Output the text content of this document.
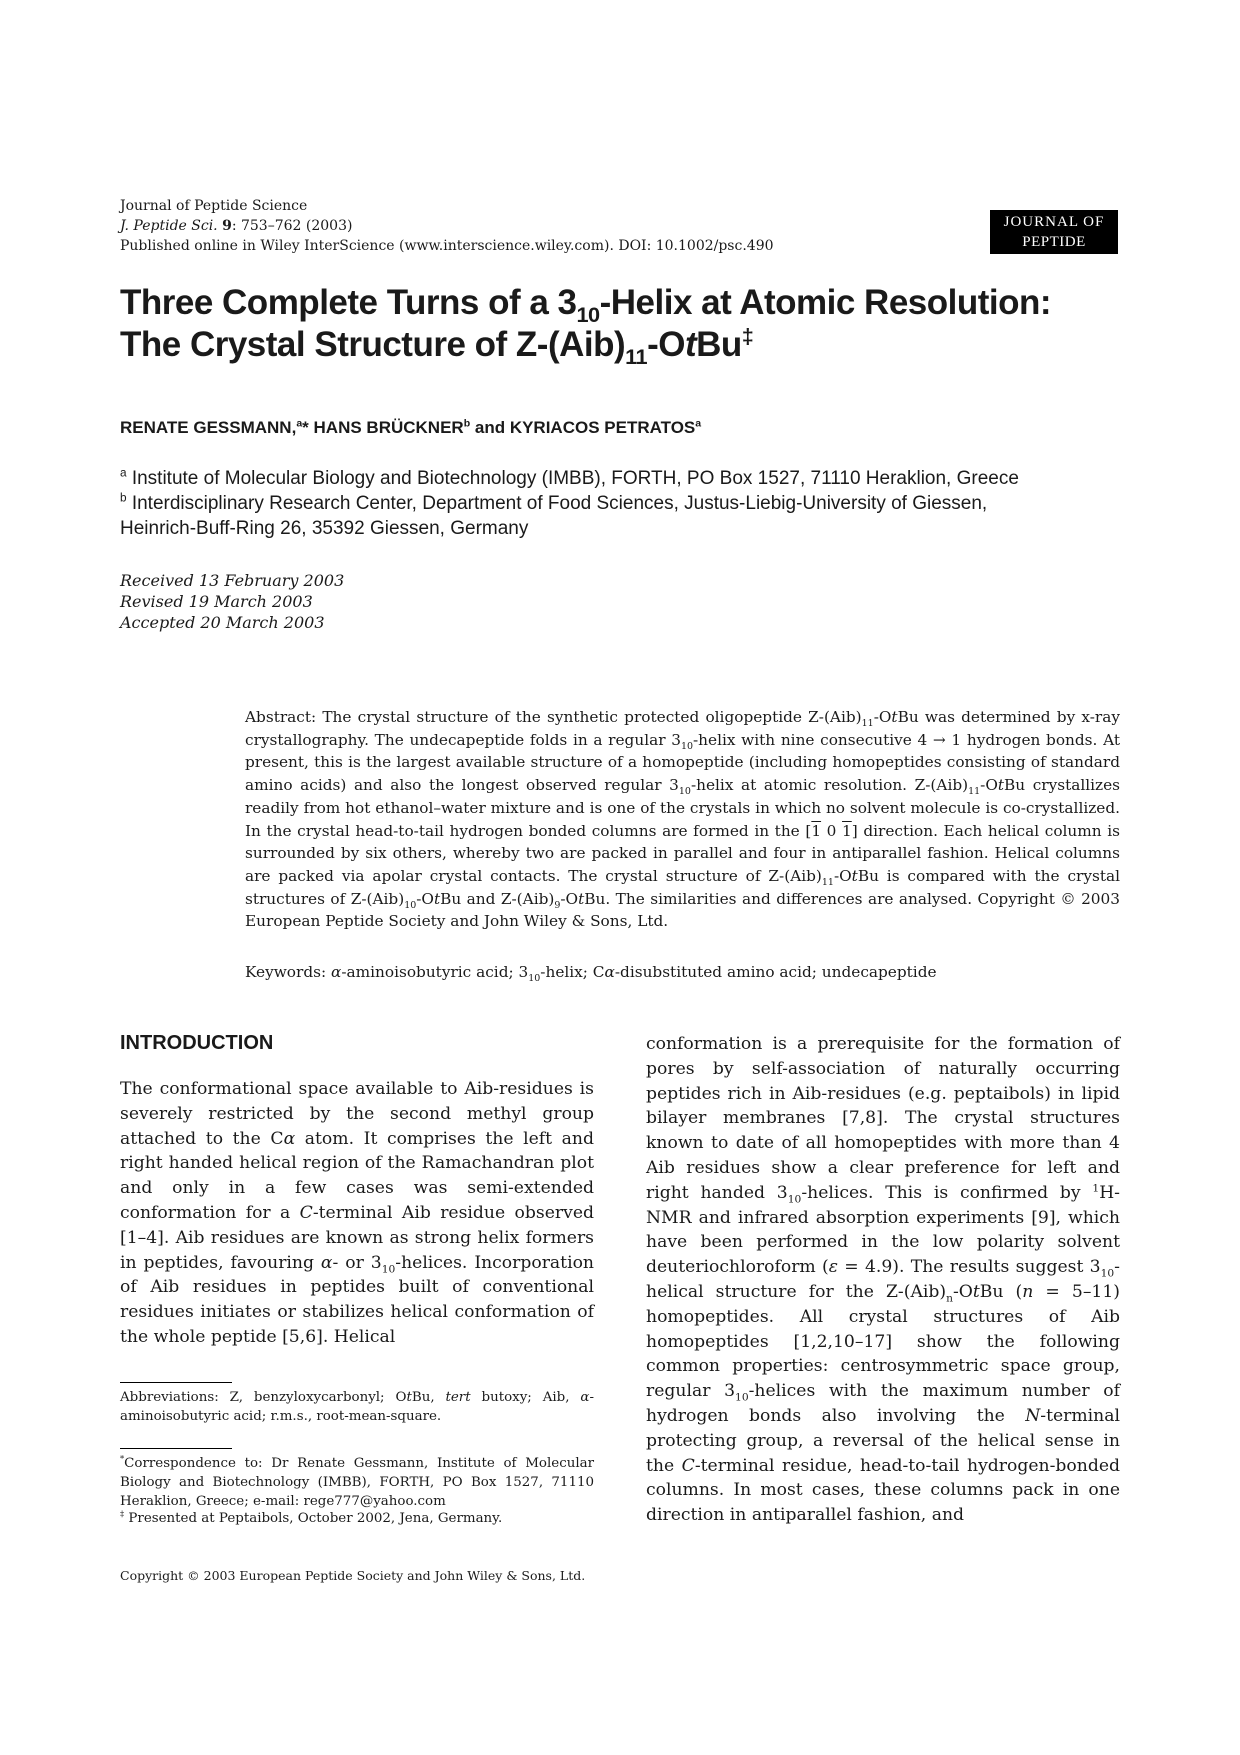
Journal of Peptide Science
J. Peptide Sci. 9: 753–762 (2003)
Published online in Wiley InterScience (www.interscience.wiley.com). DOI: 10.1002/psc.490
JOURNAL OF
PEPTIDE SCIENCE
Three Complete Turns of a $3_{10}$-Helix at Atomic Resolution:
The Crystal Structure of $Z-(Aib)_{11}-OtBu^\ddagger$
RENATE GESSMANN,$^a$* HANS BRÜCKNER$^b$ and KYRIACOS PETRATOS$^a$
$^a$ Institute of Molecular Biology and Biotechnology (IMBB), FORTH, PO Box 1527, 71110 Heraklion, Greece
$^b$ Interdisciplinary Research Center, Department of Food Sciences, Justus-Liebig-University of Giessen,
Heinrich-Buff-Ring 26, 35392 Giessen, Germany
Received 13 February 2003
Revised 19 March 2003
Accepted 20 March 2003
Abstract: The crystal structure of the synthetic protected oligopeptide $Z-(Aib)_{11}$-OtBu was determined by x-ray crystallography. The undecapeptide folds in a regular $3_{10}$-helix with nine consecutive 4 → 1 hydrogen bonds. At present, this is the largest available structure of a homopeptide (including homopeptides consisting of standard amino acids) and also the longest observed regular $3_{10}$-helix at atomic resolution. $Z-(Aib)_{11}$-OtBu crystallizes readily from hot ethanol–water mixture and is one of the crystals in which no solvent molecule is co-crystallized. In the crystal head-to-tail hydrogen bonded columns are formed in the [1 0 1] direction. Each helical column is surrounded by six others, whereby two are packed in parallel and four in antiparallel fashion. Helical columns are packed via apolar crystal contacts. The crystal structure of $Z-(Aib)_{11}$-OtBu is compared with the crystal structures of $Z-(Aib)_{10}$-OtBu and $Z-(Aib)_9$-OtBu. The similarities and differences are analysed. Copyright © 2003 European Peptide Society and John Wiley & Sons, Ltd.
Keywords: α-aminoisobutyric acid; $3_{10}$-helix; Cα-disubstituted amino acid; undecapeptide
INTRODUCTION

The conformational space available to Aib-residues is severely restricted by the second methyl group attached to the Cα atom. It comprises the left and right handed helical region of the Ramachandran plot and only in a few cases was semi-extended conformation for a C-terminal Aib residue observed [1–4]. Aib residues are known as strong helix formers in peptides, favouring α- or $3_{10}$-helices. Incorporation of Aib residues in peptides built of conventional residues initiates or stabilizes helical conformation of the whole peptide [5,6]. Helical

Abbreviations: Z, benzyloxycarbonyl; OtBu, tert butoxy; Aib, α-aminoisobutyric acid; r.m.s., root-mean-square.
*Correspondence to: Dr Renate Gessmann, Institute of Molecular Biology and Biotechnology (IMBB), FORTH, PO Box 1527, 71110 Heraklion, Greece; e-mail: rege777@yahoo.com
‡ Presented at Peptaibols, October 2002, Jena, Germany.
Copyright © 2003 European Peptide Society and John Wiley & Sons, Ltd.

conformation is a prerequisite for the formation of pores by self-association of naturally occurring peptides rich in Aib-residues (e.g. peptaibols) in lipid bilayer membranes [7,8]. The crystal structures known to date of all homopeptides with more than 4 Aib residues show a clear preference for left and right handed $3_{10}$-helices. This is confirmed by $^1$H-NMR and infrared absorption experiments [9], which have been performed in the low polarity solvent deuteriochloroform (ε = 4.9). The results suggest $3_{10}$-helical structure for the $Z-(Aib)_n$-OtBu (n = 5–11) homopeptides. All crystal structures of Aib homopeptides [1,2,10–17] show the following common properties: centrosymmetric space group, regular $3_{10}$-helices with the maximum number of hydrogen bonds also involving the N-terminal protecting group, a reversal of the helical sense in the C-terminal residue, head-to-tail hydrogen-bonded columns. In most cases, these columns pack in one direction in antiparallel fashion, and
